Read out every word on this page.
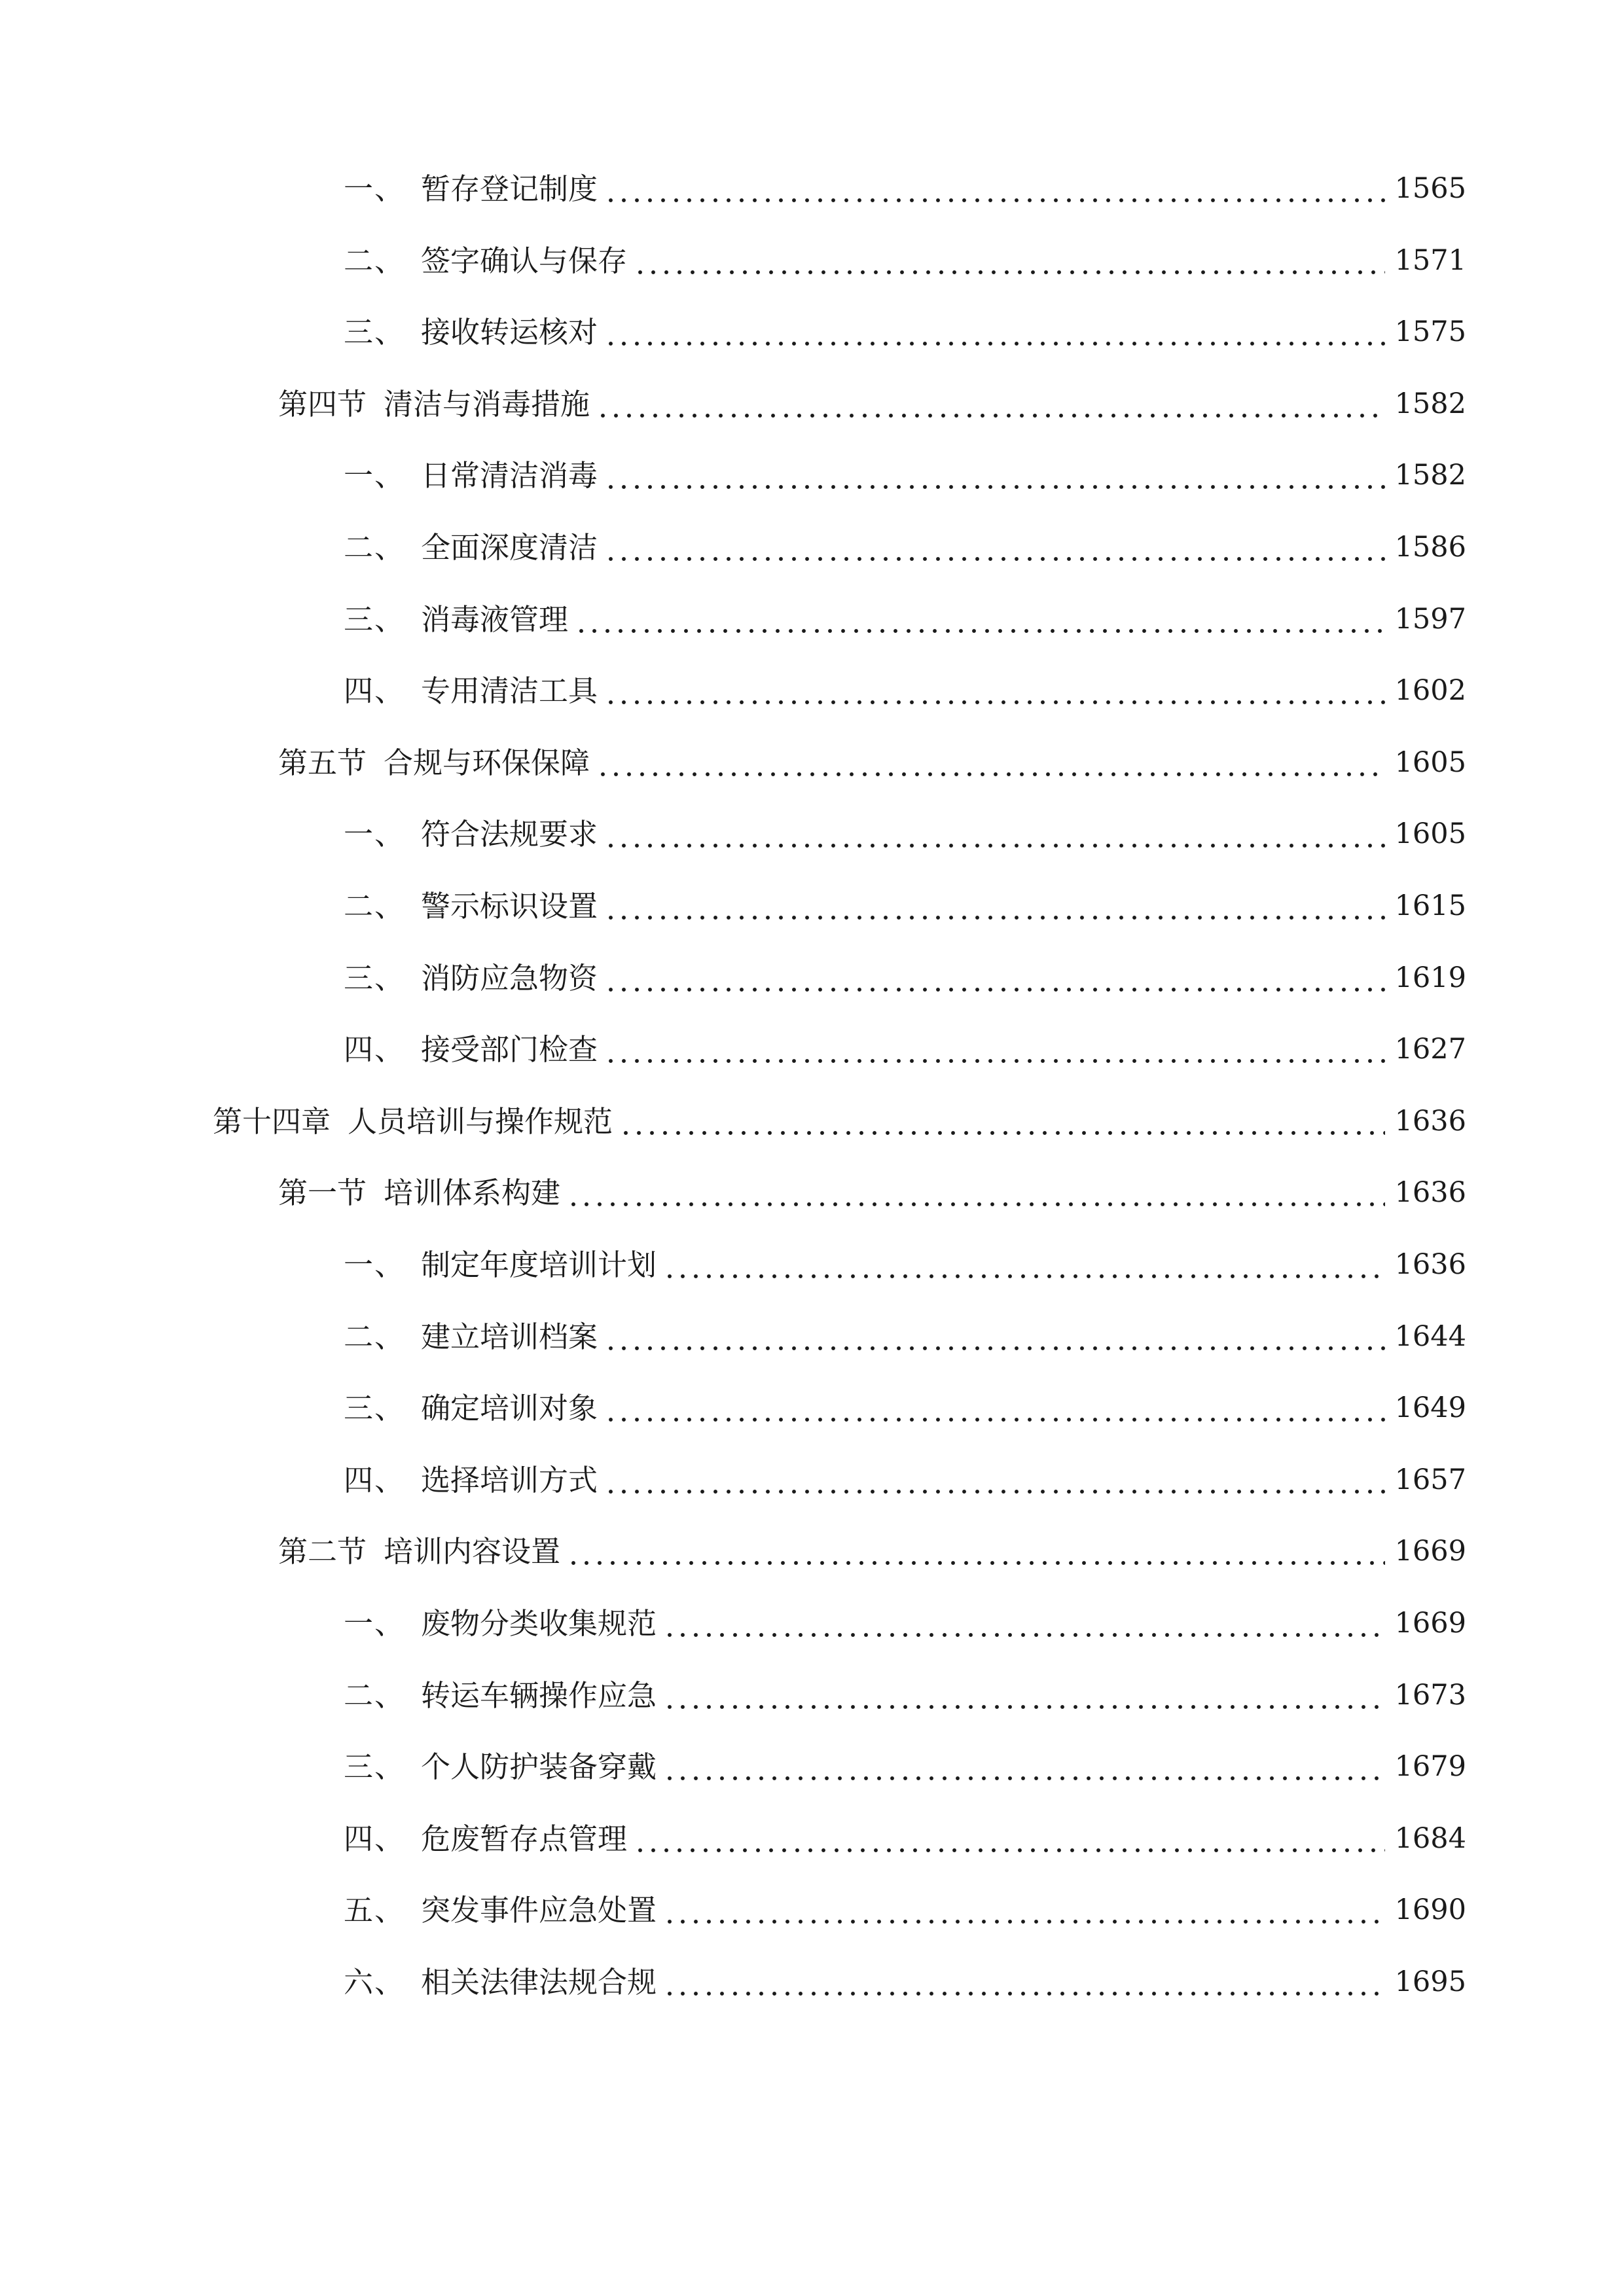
一、 暂存登记制度	1565
二、 签字确认与保存	1571
三、 接收转运核对	1575
第四节 清洁与消毒措施	1582
一、 日常清洁消毒	1582
二、 全面深度清洁	1586
三、 消毒液管理	1597
四、 专用清洁工具	1602
第五节 合规与环保保障	1605
一、 符合法规要求	1605
二、 警示标识设置	1615
三、 消防应急物资	1619
四、 接受部门检查	1627
第十四章 人员培训与操作规范	1636
第一节 培训体系构建	1636
一、 制定年度培训计划	1636
二、 建立培训档案	1644
三、 确定培训对象	1649
四、 选择培训方式	1657
第二节 培训内容设置	1669
一、 废物分类收集规范	1669
二、 转运车辆操作应急	1673
三、 个人防护装备穿戴	1679
四、 危废暂存点管理	1684
五、 突发事件应急处置	1690
六、 相关法律法规合规	1695
